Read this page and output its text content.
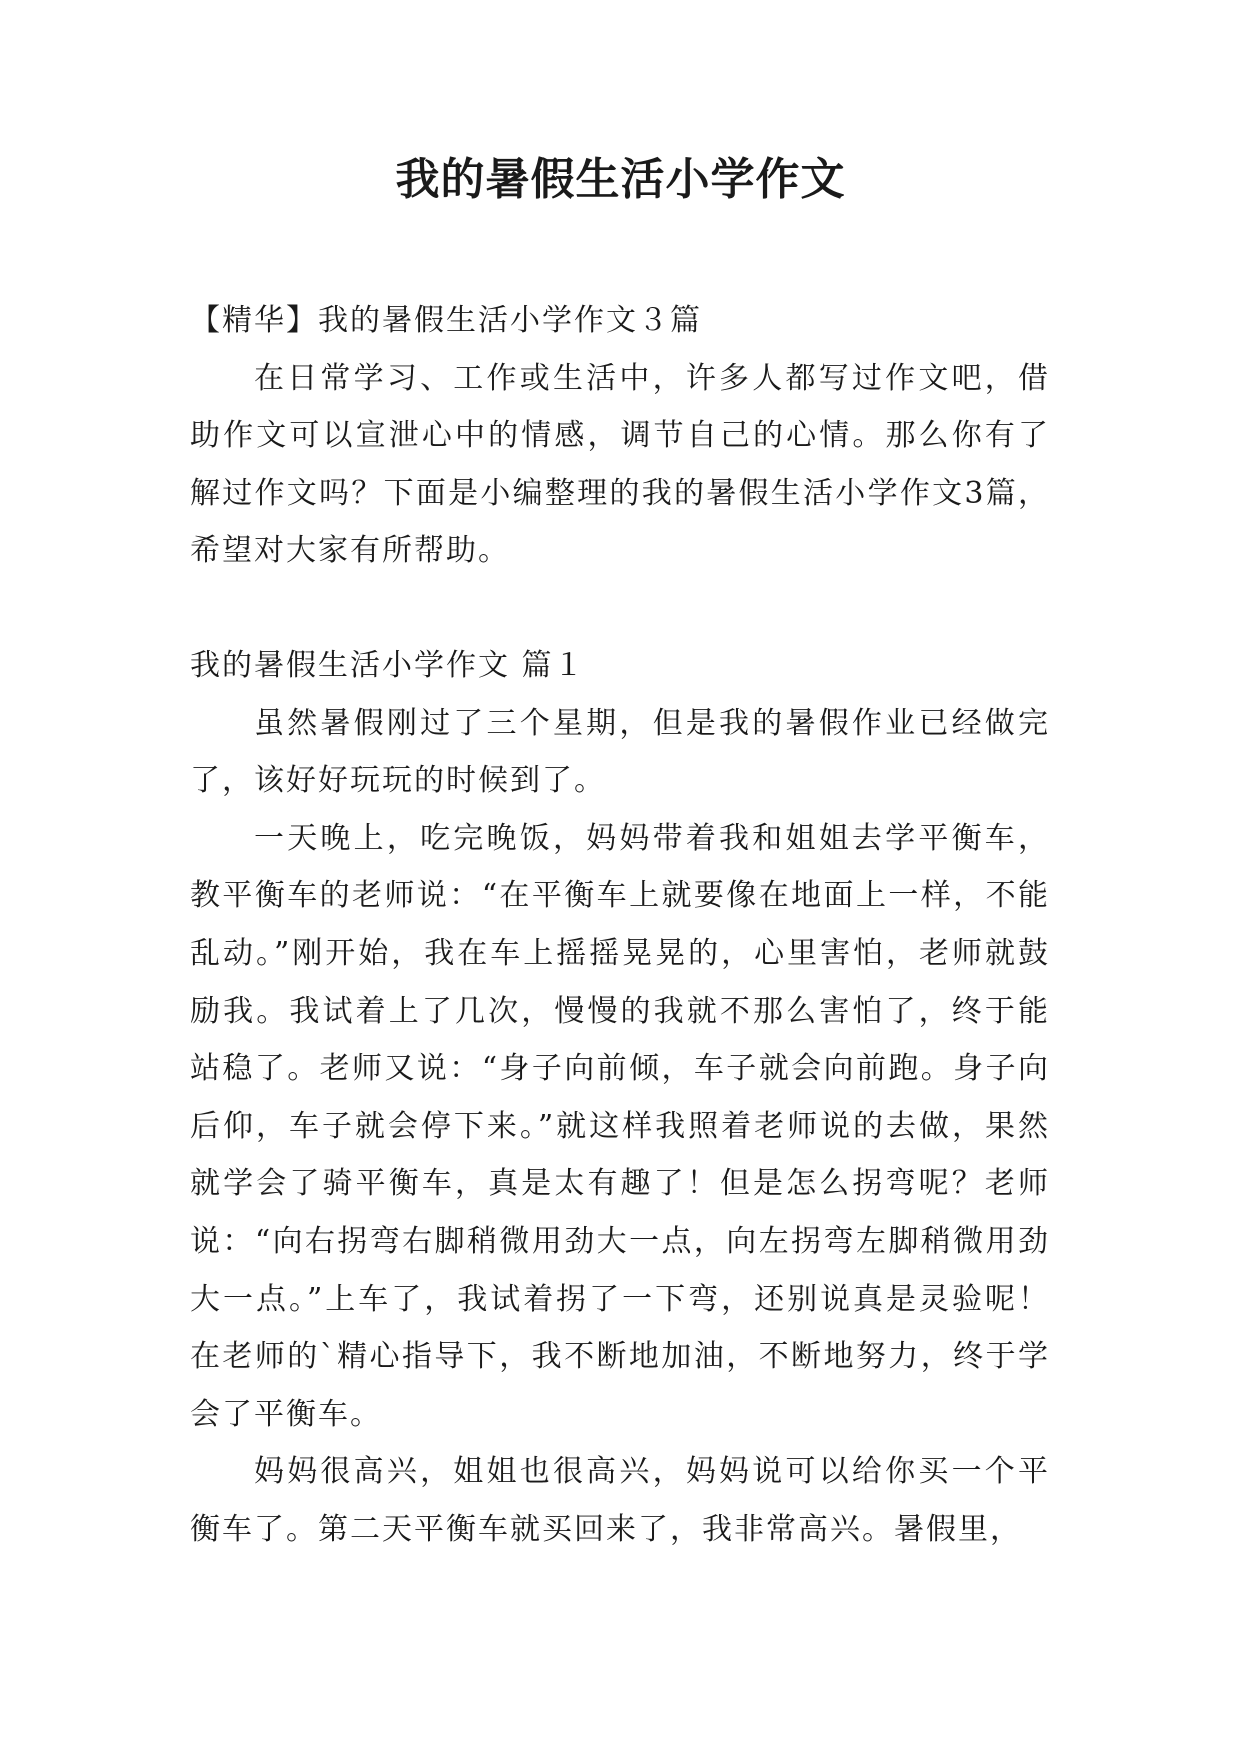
我的暑假生活小学作文

【精华】我的暑假生活小学作文３篇

在日常学习、工作或生活中，许多人都写过作文吧，借助作文可以宣泄心中的情感，调节自己的心情。那么你有了解过作文吗？下面是小编整理的我的暑假生活小学作文3篇，希望对大家有所帮助。

我的暑假生活小学作文 篇１

虽然暑假刚过了三个星期，但是我的暑假作业已经做完了，该好好玩玩的时候到了。

一天晚上，吃完晚饭，妈妈带着我和姐姐去学平衡车，教平衡车的老师说：“在平衡车上就要像在地面上一样，不能乱动。”刚开始，我在车上摇摇晃晃的，心里害怕，老师就鼓励我。我试着上了几次，慢慢的我就不那么害怕了，终于能站稳了。老师又说：“身子向前倾，车子就会向前跑。身子向后仰，车子就会停下来。”就这样我照着老师说的去做，果然就学会了骑平衡车，真是太有趣了！但是怎么拐弯呢？老师说：“向右拐弯右脚稍微用劲大一点，向左拐弯左脚稍微用劲大一点。”上车了，我试着拐了一下弯，还别说真是灵验呢！在老师的`精心指导下，我不断地加油，不断地努力，终于学会了平衡车。

妈妈很高兴，姐姐也很高兴，妈妈说可以给你买一个平衡车了。第二天平衡车就买回来了，我非常高兴。暑假里，
